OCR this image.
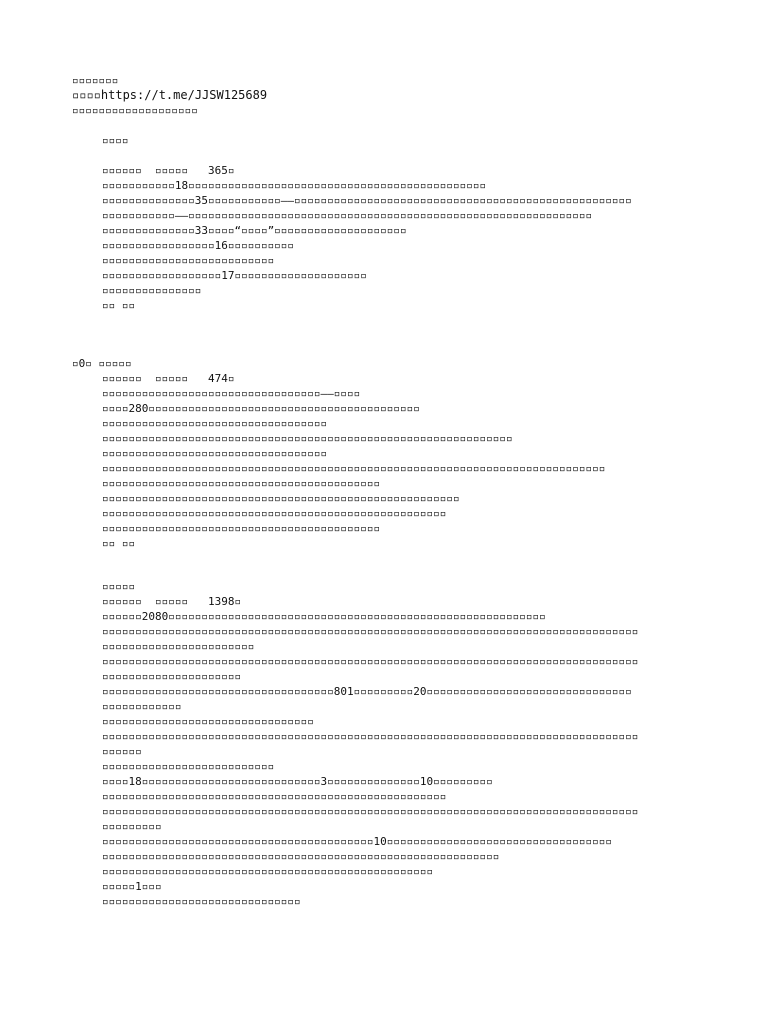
▫▫▫▫▫▫▫
▫▫▫▫https://t.me/JJSW125689
▫▫▫▫▫▫▫▫▫▫▫▫▫▫▫▫▫▫▫
▫▫▫▫
▫▫▫▫▫▫  ▫▫▫▫▫   365▫
▫▫▫▫▫▫▫▫▫▫▫18▫▫▫▫▫▫▫▫▫▫▫▫▫▫▫▫▫▫▫▫▫▫▫▫▫▫▫▫▫▫▫▫▫▫▫▫▫▫▫▫▫▫▫▫▫
▫▫▫▫▫▫▫▫▫▫▫▫▫▫35▫▫▫▫▫▫▫▫▫▫▫——▫▫▫▫▫▫▫▫▫▫▫▫▫▫▫▫▫▫▫▫▫▫▫▫▫▫▫▫▫▫▫▫▫▫▫▫▫▫▫▫▫▫▫▫▫▫▫▫▫▫▫
▫▫▫▫▫▫▫▫▫▫▫——▫▫▫▫▫▫▫▫▫▫▫▫▫▫▫▫▫▫▫▫▫▫▫▫▫▫▫▫▫▫▫▫▫▫▫▫▫▫▫▫▫▫▫▫▫▫▫▫▫▫▫▫▫▫▫▫▫▫▫▫▫
▫▫▫▫▫▫▫▫▫▫▫▫▫▫33▫▫▫▫“▫▫▫▫”▫▫▫▫▫▫▫▫▫▫▫▫▫▫▫▫▫▫▫▫
▫▫▫▫▫▫▫▫▫▫▫▫▫▫▫▫▫16▫▫▫▫▫▫▫▫▫▫
▫▫▫▫▫▫▫▫▫▫▫▫▫▫▫▫▫▫▫▫▫▫▫▫▫▫
▫▫▫▫▫▫▫▫▫▫▫▫▫▫▫▫▫▫17▫▫▫▫▫▫▫▫▫▫▫▫▫▫▫▫▫▫▫▫
▫▫▫▫▫▫▫▫▫▫▫▫▫▫▫
▫▫ ▫▫
▫0▫ ▫▫▫▫▫
▫▫▫▫▫▫  ▫▫▫▫▫   474▫
▫▫▫▫▫▫▫▫▫▫▫▫▫▫▫▫▫▫▫▫▫▫▫▫▫▫▫▫▫▫▫▫▫——▫▫▫▫
▫▫▫▫280▫▫▫▫▫▫▫▫▫▫▫▫▫▫▫▫▫▫▫▫▫▫▫▫▫▫▫▫▫▫▫▫▫▫▫▫▫▫▫▫▫
▫▫▫▫▫▫▫▫▫▫▫▫▫▫▫▫▫▫▫▫▫▫▫▫▫▫▫▫▫▫▫▫▫▫
▫▫▫▫▫▫▫▫▫▫▫▫▫▫▫▫▫▫▫▫▫▫▫▫▫▫▫▫▫▫▫▫▫▫▫▫▫▫▫▫▫▫▫▫▫▫▫▫▫▫▫▫▫▫▫▫▫▫▫▫▫▫
▫▫▫▫▫▫▫▫▫▫▫▫▫▫▫▫▫▫▫▫▫▫▫▫▫▫▫▫▫▫▫▫▫▫
▫▫▫▫▫▫▫▫▫▫▫▫▫▫▫▫▫▫▫▫▫▫▫▫▫▫▫▫▫▫▫▫▫▫▫▫▫▫▫▫▫▫▫▫▫▫▫▫▫▫▫▫▫▫▫▫▫▫▫▫▫▫▫▫▫▫▫▫▫▫▫▫▫▫▫▫
▫▫▫▫▫▫▫▫▫▫▫▫▫▫▫▫▫▫▫▫▫▫▫▫▫▫▫▫▫▫▫▫▫▫▫▫▫▫▫▫▫▫
▫▫▫▫▫▫▫▫▫▫▫▫▫▫▫▫▫▫▫▫▫▫▫▫▫▫▫▫▫▫▫▫▫▫▫▫▫▫▫▫▫▫▫▫▫▫▫▫▫▫▫▫▫▫
▫▫▫▫▫▫▫▫▫▫▫▫▫▫▫▫▫▫▫▫▫▫▫▫▫▫▫▫▫▫▫▫▫▫▫▫▫▫▫▫▫▫▫▫▫▫▫▫▫▫▫▫
▫▫▫▫▫▫▫▫▫▫▫▫▫▫▫▫▫▫▫▫▫▫▫▫▫▫▫▫▫▫▫▫▫▫▫▫▫▫▫▫▫▫
▫▫ ▫▫
▫▫▫▫▫
▫▫▫▫▫▫  ▫▫▫▫▫   1398▫
▫▫▫▫▫▫2080▫▫▫▫▫▫▫▫▫▫▫▫▫▫▫▫▫▫▫▫▫▫▫▫▫▫▫▫▫▫▫▫▫▫▫▫▫▫▫▫▫▫▫▫▫▫▫▫▫▫▫▫▫▫▫▫▫
▫▫▫▫▫▫▫▫▫▫▫▫▫▫▫▫▫▫▫▫▫▫▫▫▫▫▫▫▫▫▫▫▫▫▫▫▫▫▫▫▫▫▫▫▫▫▫▫▫▫▫▫▫▫▫▫▫▫▫▫▫▫▫▫▫▫▫▫▫▫▫▫▫▫▫▫▫▫▫▫▫
▫▫▫▫▫▫▫▫▫▫▫▫▫▫▫▫▫▫▫▫▫▫▫
▫▫▫▫▫▫▫▫▫▫▫▫▫▫▫▫▫▫▫▫▫▫▫▫▫▫▫▫▫▫▫▫▫▫▫▫▫▫▫▫▫▫▫▫▫▫▫▫▫▫▫▫▫▫▫▫▫▫▫▫▫▫▫▫▫▫▫▫▫▫▫▫▫▫▫▫▫▫▫▫▫
▫▫▫▫▫▫▫▫▫▫▫▫▫▫▫▫▫▫▫▫▫
▫▫▫▫▫▫▫▫▫▫▫▫▫▫▫▫▫▫▫▫▫▫▫▫▫▫▫▫▫▫▫▫▫▫▫801▫▫▫▫▫▫▫▫▫20▫▫▫▫▫▫▫▫▫▫▫▫▫▫▫▫▫▫▫▫▫▫▫▫▫▫▫▫▫▫▫
▫▫▫▫▫▫▫▫▫▫▫▫
▫▫▫▫▫▫▫▫▫▫▫▫▫▫▫▫▫▫▫▫▫▫▫▫▫▫▫▫▫▫▫▫
▫▫▫▫▫▫▫▫▫▫▫▫▫▫▫▫▫▫▫▫▫▫▫▫▫▫▫▫▫▫▫▫▫▫▫▫▫▫▫▫▫▫▫▫▫▫▫▫▫▫▫▫▫▫▫▫▫▫▫▫▫▫▫▫▫▫▫▫▫▫▫▫▫▫▫▫▫▫▫▫▫
▫▫▫▫▫▫
▫▫▫▫▫▫▫▫▫▫▫▫▫▫▫▫▫▫▫▫▫▫▫▫▫▫
▫▫▫▫18▫▫▫▫▫▫▫▫▫▫▫▫▫▫▫▫▫▫▫▫▫▫▫▫▫▫▫3▫▫▫▫▫▫▫▫▫▫▫▫▫▫10▫▫▫▫▫▫▫▫▫
▫▫▫▫▫▫▫▫▫▫▫▫▫▫▫▫▫▫▫▫▫▫▫▫▫▫▫▫▫▫▫▫▫▫▫▫▫▫▫▫▫▫▫▫▫▫▫▫▫▫▫▫
▫▫▫▫▫▫▫▫▫▫▫▫▫▫▫▫▫▫▫▫▫▫▫▫▫▫▫▫▫▫▫▫▫▫▫▫▫▫▫▫▫▫▫▫▫▫▫▫▫▫▫▫▫▫▫▫▫▫▫▫▫▫▫▫▫▫▫▫▫▫▫▫▫▫▫▫▫▫▫▫▫
▫▫▫▫▫▫▫▫▫
▫▫▫▫▫▫▫▫▫▫▫▫▫▫▫▫▫▫▫▫▫▫▫▫▫▫▫▫▫▫▫▫▫▫▫▫▫▫▫▫▫10▫▫▫▫▫▫▫▫▫▫▫▫▫▫▫▫▫▫▫▫▫▫▫▫▫▫▫▫▫▫▫▫▫▫
▫▫▫▫▫▫▫▫▫▫▫▫▫▫▫▫▫▫▫▫▫▫▫▫▫▫▫▫▫▫▫▫▫▫▫▫▫▫▫▫▫▫▫▫▫▫▫▫▫▫▫▫▫▫▫▫▫▫▫▫
▫▫▫▫▫▫▫▫▫▫▫▫▫▫▫▫▫▫▫▫▫▫▫▫▫▫▫▫▫▫▫▫▫▫▫▫▫▫▫▫▫▫▫▫▫▫▫▫▫▫
▫▫▫▫▫1▫▫▫
▫▫▫▫▫▫▫▫▫▫▫▫▫▫▫▫▫▫▫▫▫▫▫▫▫▫▫▫▫▫
